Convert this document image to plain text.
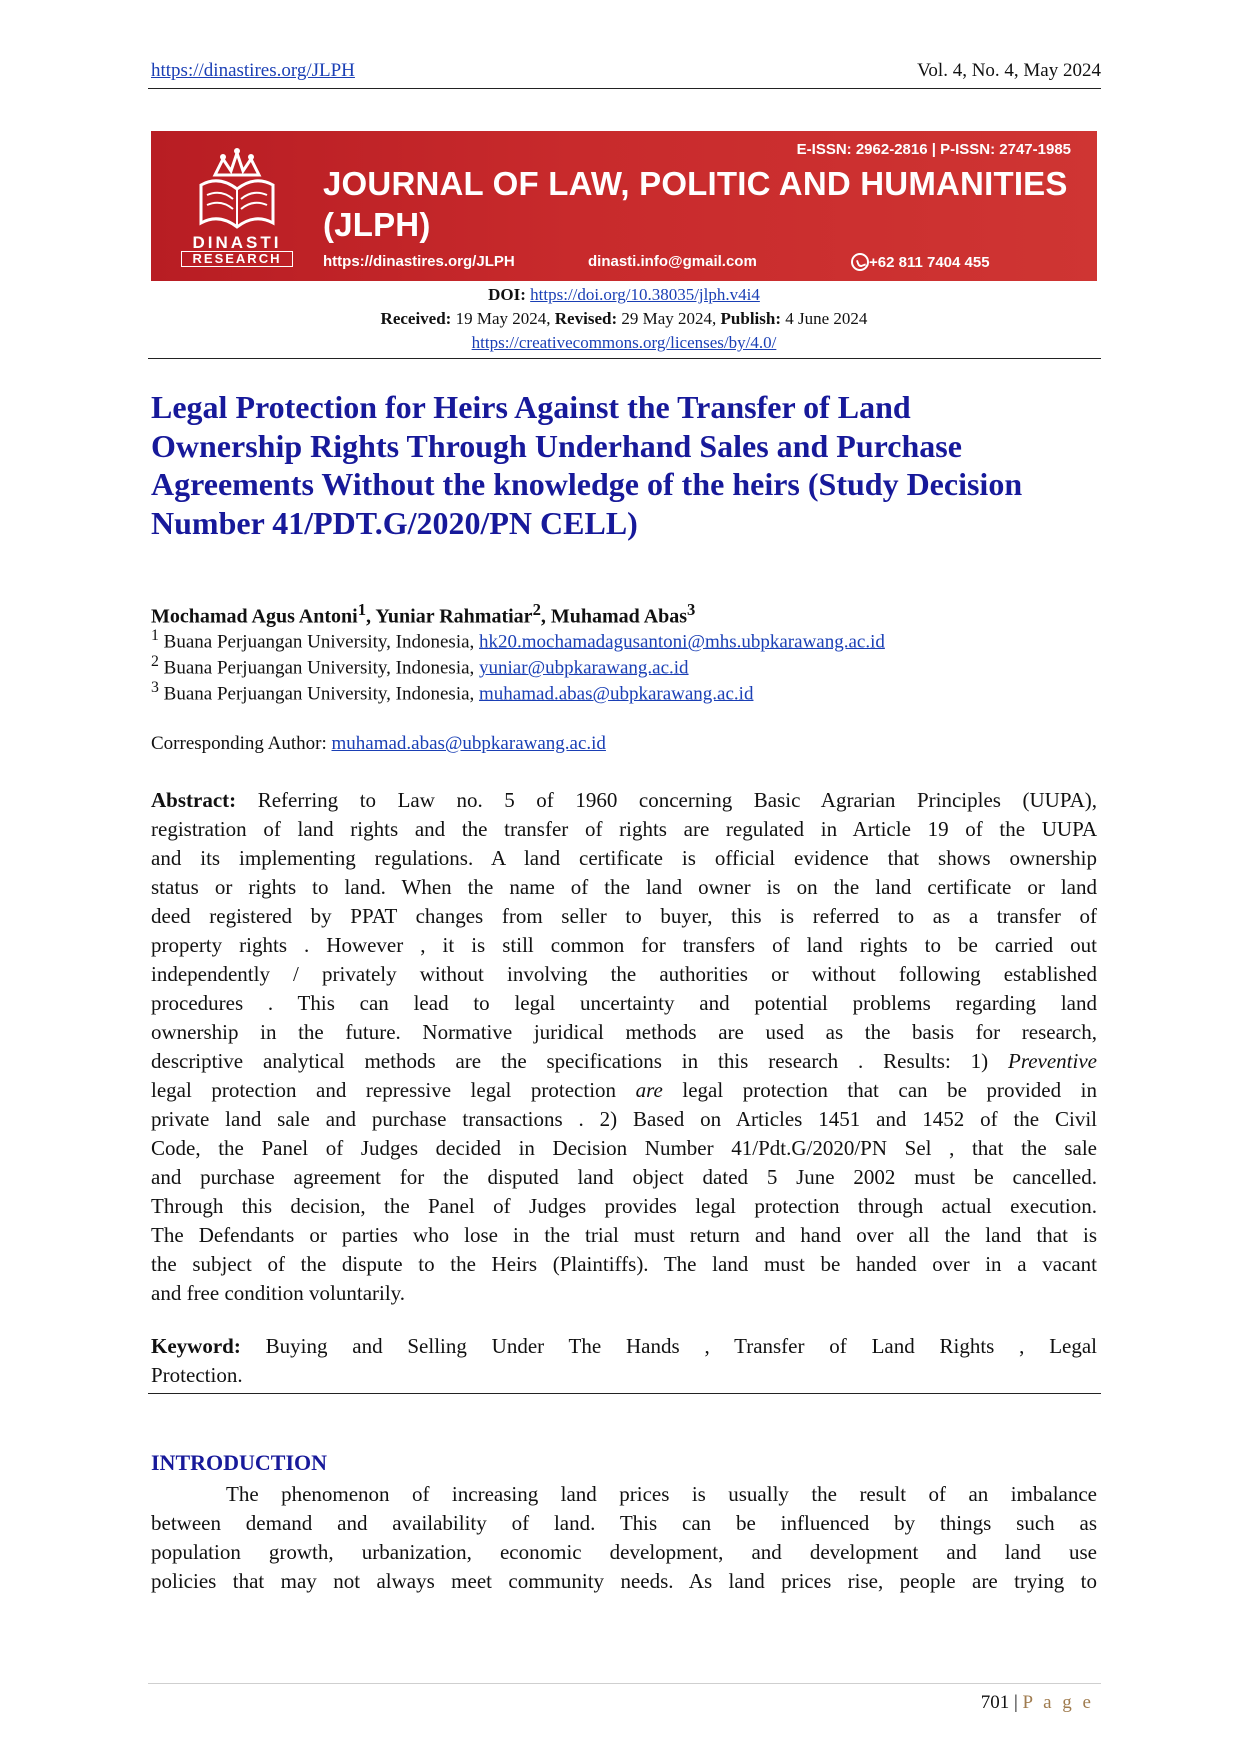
https://dinastires.org/JLPH	Vol. 4, No. 4, May 2024
DINASTI
RESEARCH
E-ISSN: 2962-2816 | P-ISSN: 2747-1985
JOURNAL OF LAW, POLITIC AND HUMANITIES
(JLPH)
https://dinastires.org/JLPH	dinasti.info@gmail.com	+62 811 7404 455
DOI: https://doi.org/10.38035/jlph.v4i4
Received: 19 May 2024, Revised: 29 May 2024, Publish: 4 June 2024
https://creativecommons.org/licenses/by/4.0/
Legal Protection for Heirs Against the Transfer of Land
Ownership Rights Through Underhand Sales and Purchase
Agreements Without the knowledge of the heirs (Study Decision
Number 41/PDT.G/2020/PN CELL)
Mochamad Agus Antoni$^1$, Yuniar Rahmatiar$^2$, Muhamad Abas$^3$
$^1$ Buana Perjuangan University, Indonesia, hk20.mochamadagusantoni@mhs.ubpkarawang.ac.id
$^2$ Buana Perjuangan University, Indonesia, yuniar@ubpkarawang.ac.id
$^3$ Buana Perjuangan University, Indonesia, muhamad.abas@ubpkarawang.ac.id
Corresponding Author: muhamad.abas@ubpkarawang.ac.id

Abstract: Referring to Law no. 5 of 1960 concerning Basic Agrarian Principles (UUPA),

registration of land rights and the transfer of rights are regulated in Article 19 of the UUPA

and its implementing regulations. A land certificate is official evidence that shows ownership

status or rights to land. When the name of the land owner is on the land certificate or land

deed registered by PPAT changes from seller to buyer, this is referred to as a transfer of

property rights . However , it is still common for transfers of land rights to be carried out

independently / privately without involving the authorities or without following established

procedures . This can lead to legal uncertainty and potential problems regarding land

ownership in the future. Normative juridical methods are used as the basis for research,

descriptive analytical methods are the specifications in this research . Results: 1) Preventive

legal protection and repressive legal protection are legal protection that can be provided in

private land sale and purchase transactions . 2) Based on Articles 1451 and 1452 of the Civil

Code, the Panel of Judges decided in Decision Number 41/Pdt.G/2020/PN Sel , that the sale

and purchase agreement for the disputed land object dated 5 June 2002 must be cancelled.

Through this decision, the Panel of Judges provides legal protection through actual execution.

The Defendants or parties who lose in the trial must return and hand over all the land that is

the subject of the dispute to the Heirs (Plaintiffs). The land must be handed over in a vacant

and free condition voluntarily.

Keyword: Buying and Selling Under The Hands , Transfer of Land Rights , Legal

Protection.

INTRODUCTION

The phenomenon of increasing land prices is usually the result of an imbalance

between demand and availability of land. This can be influenced by things such as

population growth, urbanization, economic development, and development and land use

policies that may not always meet community needs. As land prices rise, people are trying to

701 | P a g e
